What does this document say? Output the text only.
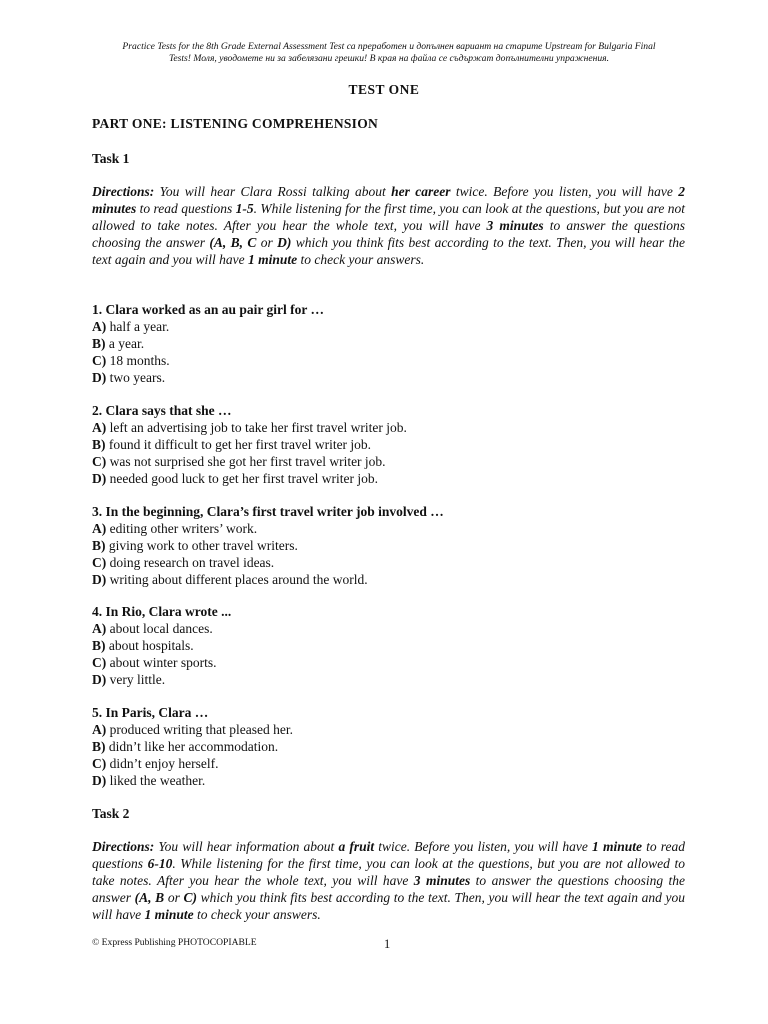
Practice Tests for the 8th Grade External Assessment Test са преработен и допълнен вариант на старите Upstream for Bulgaria Final
Tests! Моля, уводомете ни за забелязани грешки! В края на файла се съдържат допълнителни упражнения.
TEST ONE
PART ONE: LISTENING COMPREHENSION
Task 1
Directions: You will hear Clara Rossi talking about her career twice. Before you listen, you will have 2 minutes to read questions 1-5. While listening for the first time, you can look at the questions, but you are not allowed to take notes. After you hear the whole text, you will have 3 minutes to answer the questions choosing the answer (A, B, C or D) which you think fits best according to the text. Then, you will hear the text again and you will have 1 minute to check your answers.
1. Clara worked as an au pair girl for …
A) half a year.
B) a year.
C) 18 months.
D) two years.
2. Clara says that she …
A) left an advertising job to take her first travel writer job.
B) found it difficult to get her first travel writer job.
C) was not surprised she got her first travel writer job.
D) needed good luck to get her first travel writer job.
3. In the beginning, Clara’s first travel writer job involved …
A) editing other writers’ work.
B) giving work to other travel writers.
C) doing research on travel ideas.
D) writing about different places around the world.
4. In Rio, Clara wrote ...
A) about local dances.
B) about hospitals.
C) about winter sports.
D) very little.
5. In Paris, Clara …
A) produced writing that pleased her.
B) didn’t like her accommodation.
C) didn’t enjoy herself.
D) liked the weather.
Task 2
Directions: You will hear information about a fruit twice. Before you listen, you will have 1 minute to read questions 6-10. While listening for the first time, you can look at the questions, but you are not allowed to take notes. After you hear the whole text, you will have 3 minutes to answer the questions choosing the answer (A, B or C) which you think fits best according to the text. Then, you will hear the text again and you will have 1 minute to check your answers.
© Express Publishing PHOTOCOPIABLE	1
